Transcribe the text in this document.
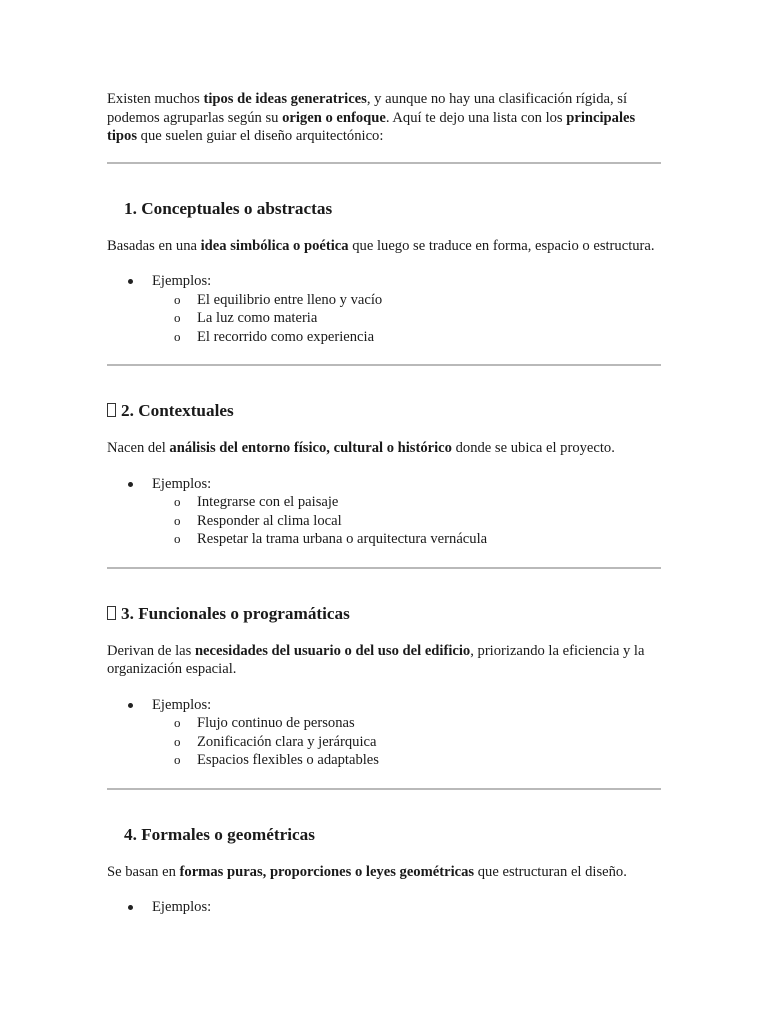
Existen muchos tipos de ideas generatrices, y aunque no hay una clasificación rígida, sí podemos agruparlas según su origen o enfoque. Aquí te dejo una lista con los principales tipos que suelen guiar el diseño arquitectónico:

1. Conceptuales o abstractas

Basadas en una idea simbólica o poética que luego se traduce en forma, espacio o estructura.

Ejemplos:
o El equilibrio entre lleno y vacío
o La luz como materia
o El recorrido como experiencia
2. Contextuales

Nacen del análisis del entorno físico, cultural o histórico donde se ubica el proyecto.

Ejemplos:
o Integrarse con el paisaje
o Responder al clima local
o Respetar la trama urbana o arquitectura vernácula
3. Funcionales o programáticas

Derivan de las necesidades del usuario o del uso del edificio, priorizando la eficiencia y la organización espacial.

Ejemplos:
o Flujo continuo de personas
o Zonificación clara y jerárquica
o Espacios flexibles o adaptables
4. Formales o geométricas

Se basan en formas puras, proporciones o leyes geométricas que estructuran el diseño.

Ejemplos:
